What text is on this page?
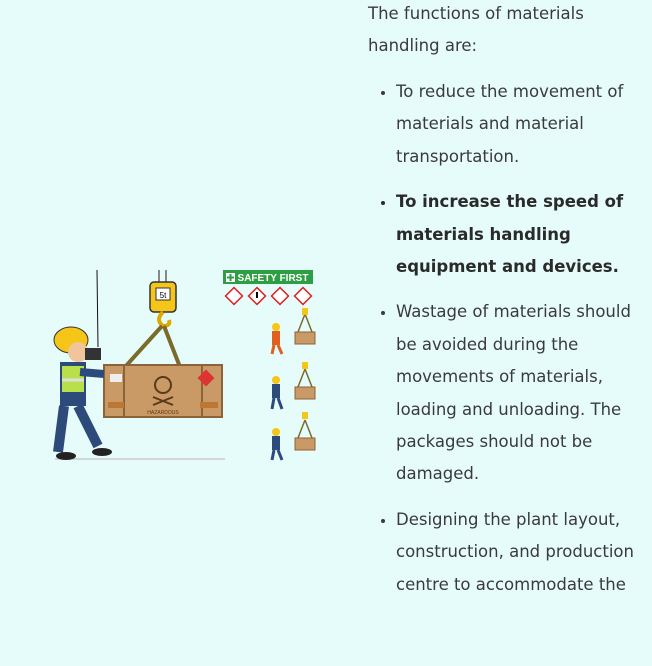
5t
HAZARDOUS
SAFETY FIRST

The functions of materials handling are:

• To reduce the movement of materials and material transportation.
• To increase the speed of materials handling equipment and devices.
• Wastage of materials should be avoided during the movements of materials, loading and unloading. The packages should not be damaged.
• Designing the plant layout, construction, and production centre to accommodate the
